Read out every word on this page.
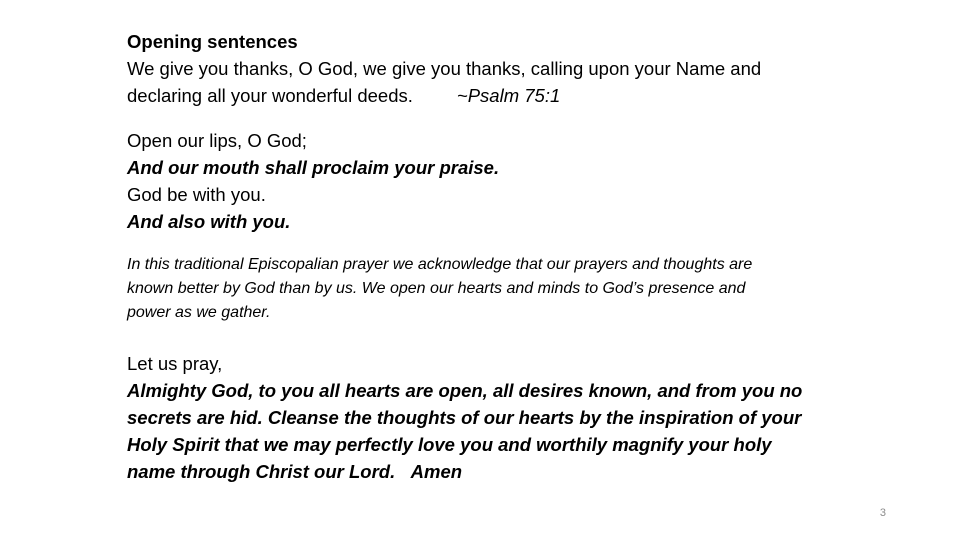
Opening sentences

We give you thanks, O God, we give you thanks, calling upon your Name and

declaring all your wonderful deeds. ~Psalm 75:1

Open our lips, O God;

And our mouth shall proclaim your praise.

God be with you.

And also with you.

In this traditional Episcopalian prayer we acknowledge that our prayers and thoughts are known better by God than by us. We open our hearts and minds to God’s presence and power as we gather.

Let us pray,

Almighty God, to you all hearts are open, all desires known, and from you no secrets are hid. Cleanse the thoughts of our hearts by the inspiration of your Holy Spirit that we may perfectly love you and worthily magnify your holy name through Christ our Lord. Amen

3
